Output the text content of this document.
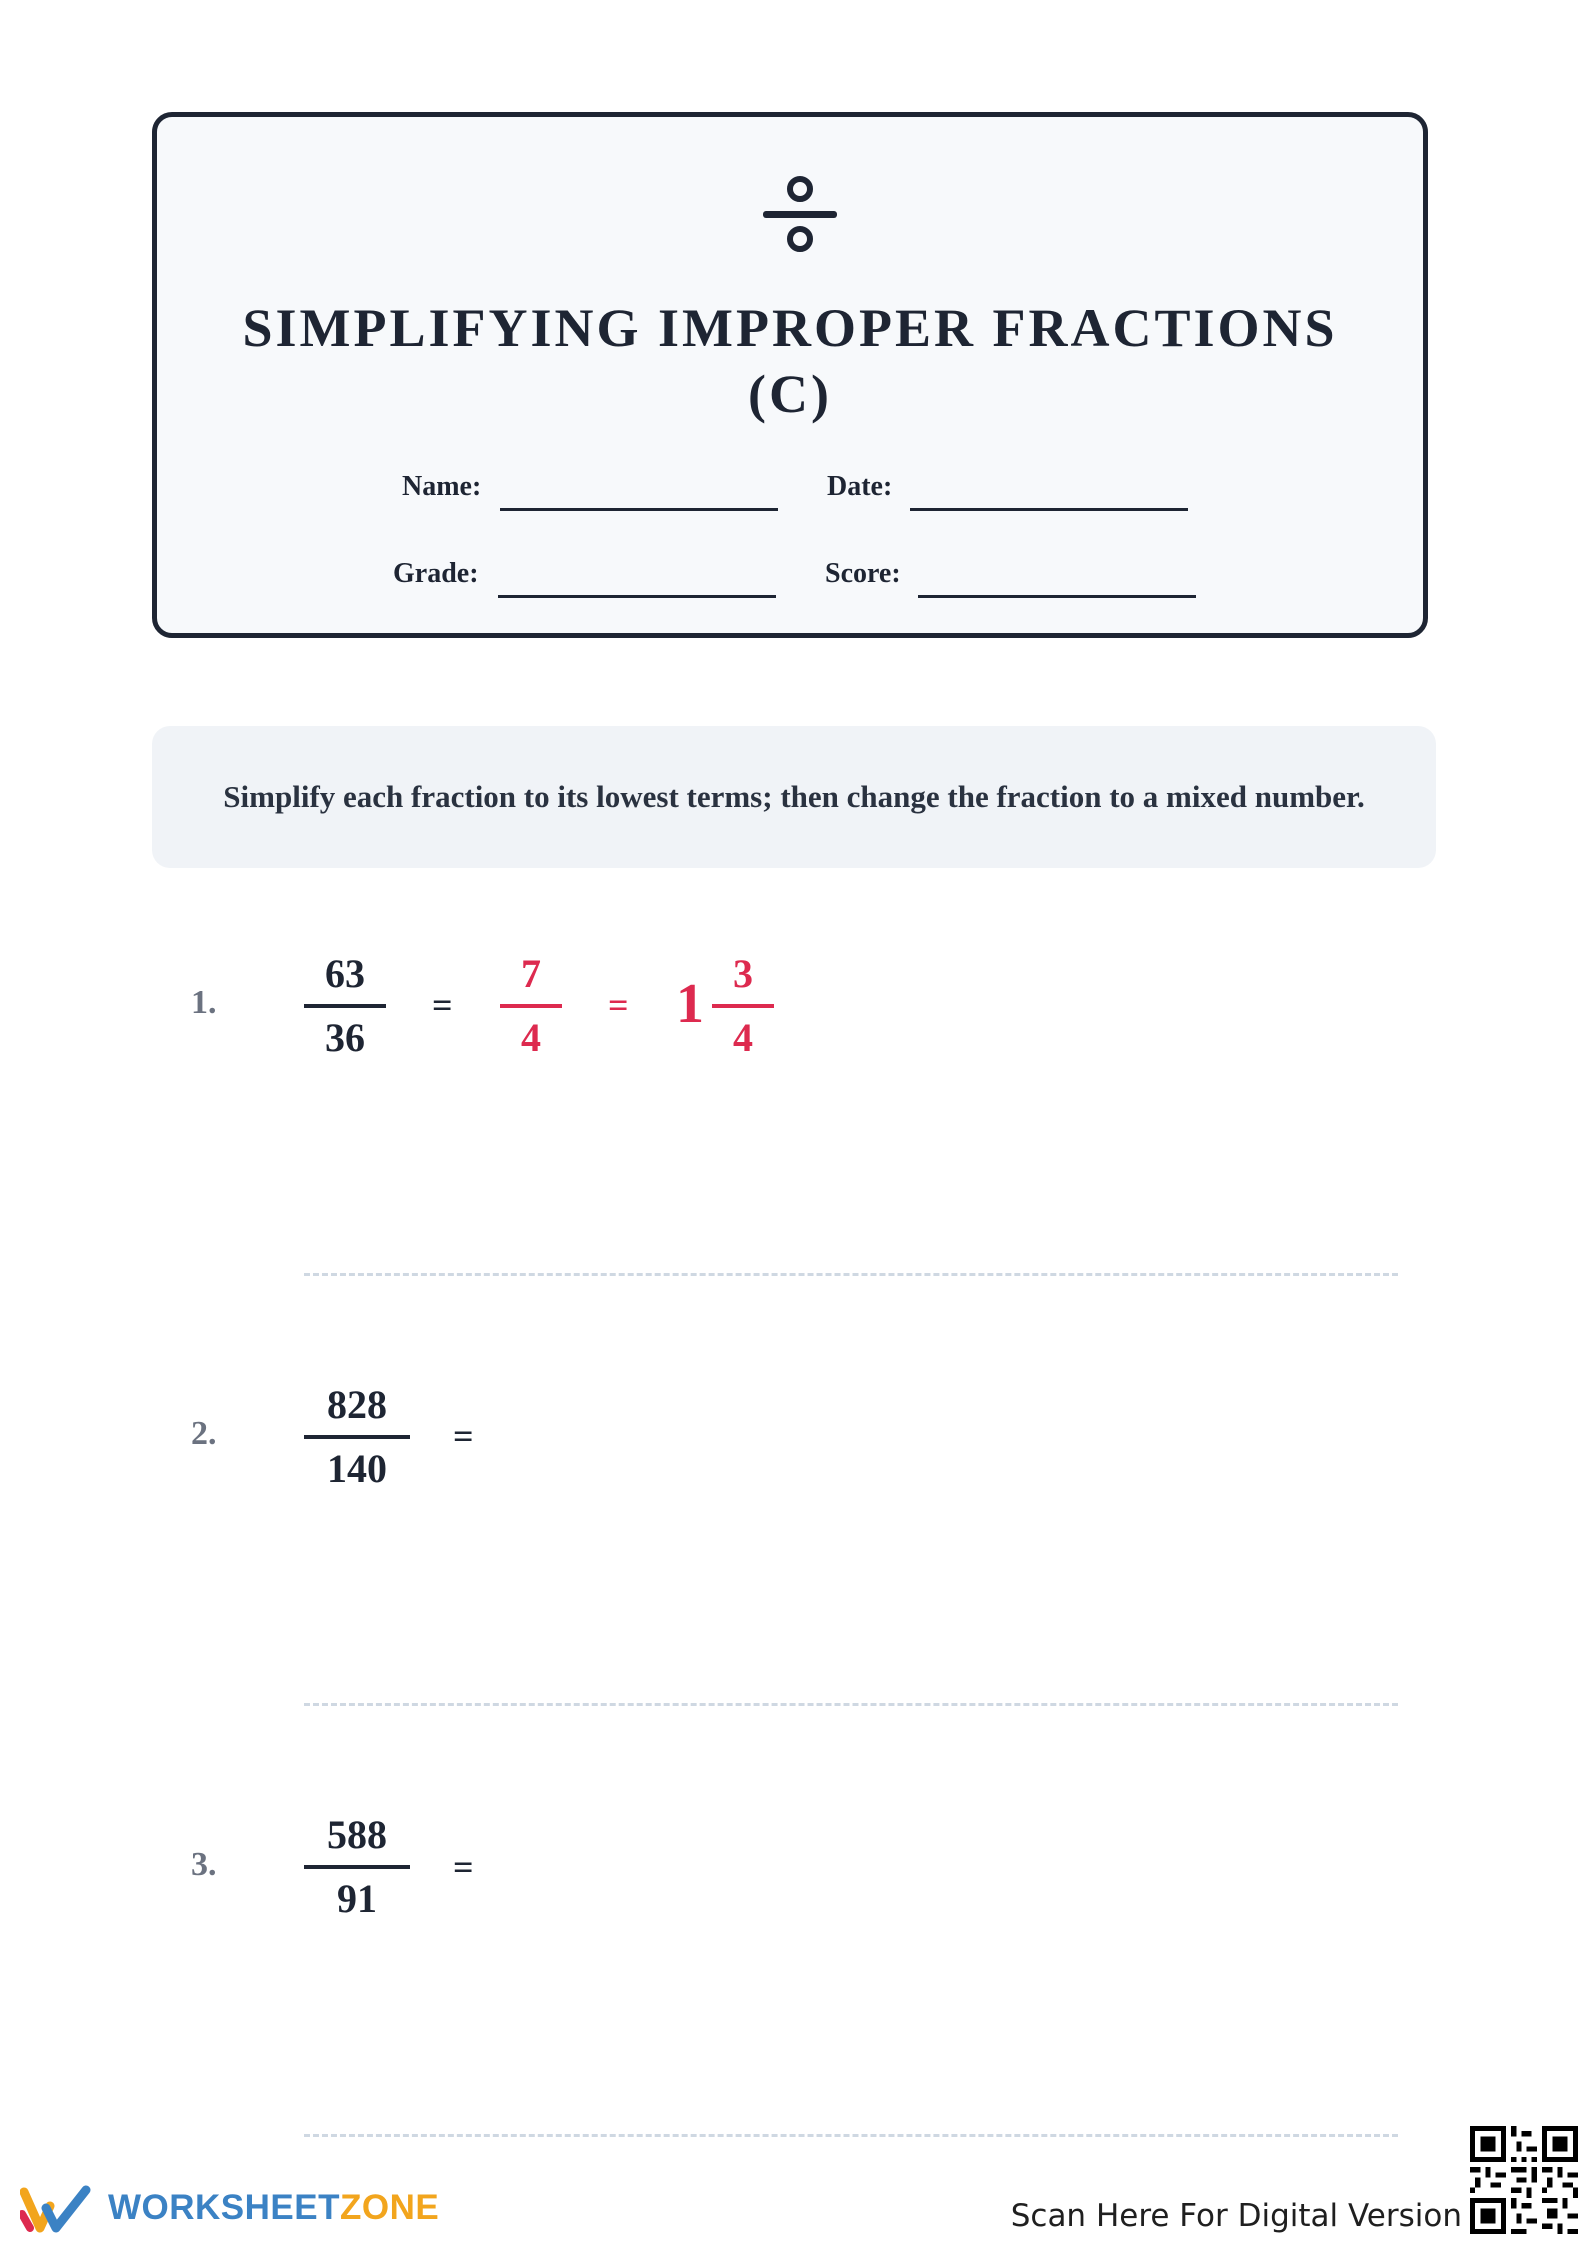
SIMPLIFYING IMPROPER FRACTIONS (C)
Name:	Date:
Grade:	Score:
Simplify each fraction to its lowest terms; then change the fraction to a mixed number.
1.
63
36
=
7
4
= 1 3
4
2.
828
140
=
3.
588
91
=
WORKSHEETZONE	Scan Here For Digital Version
